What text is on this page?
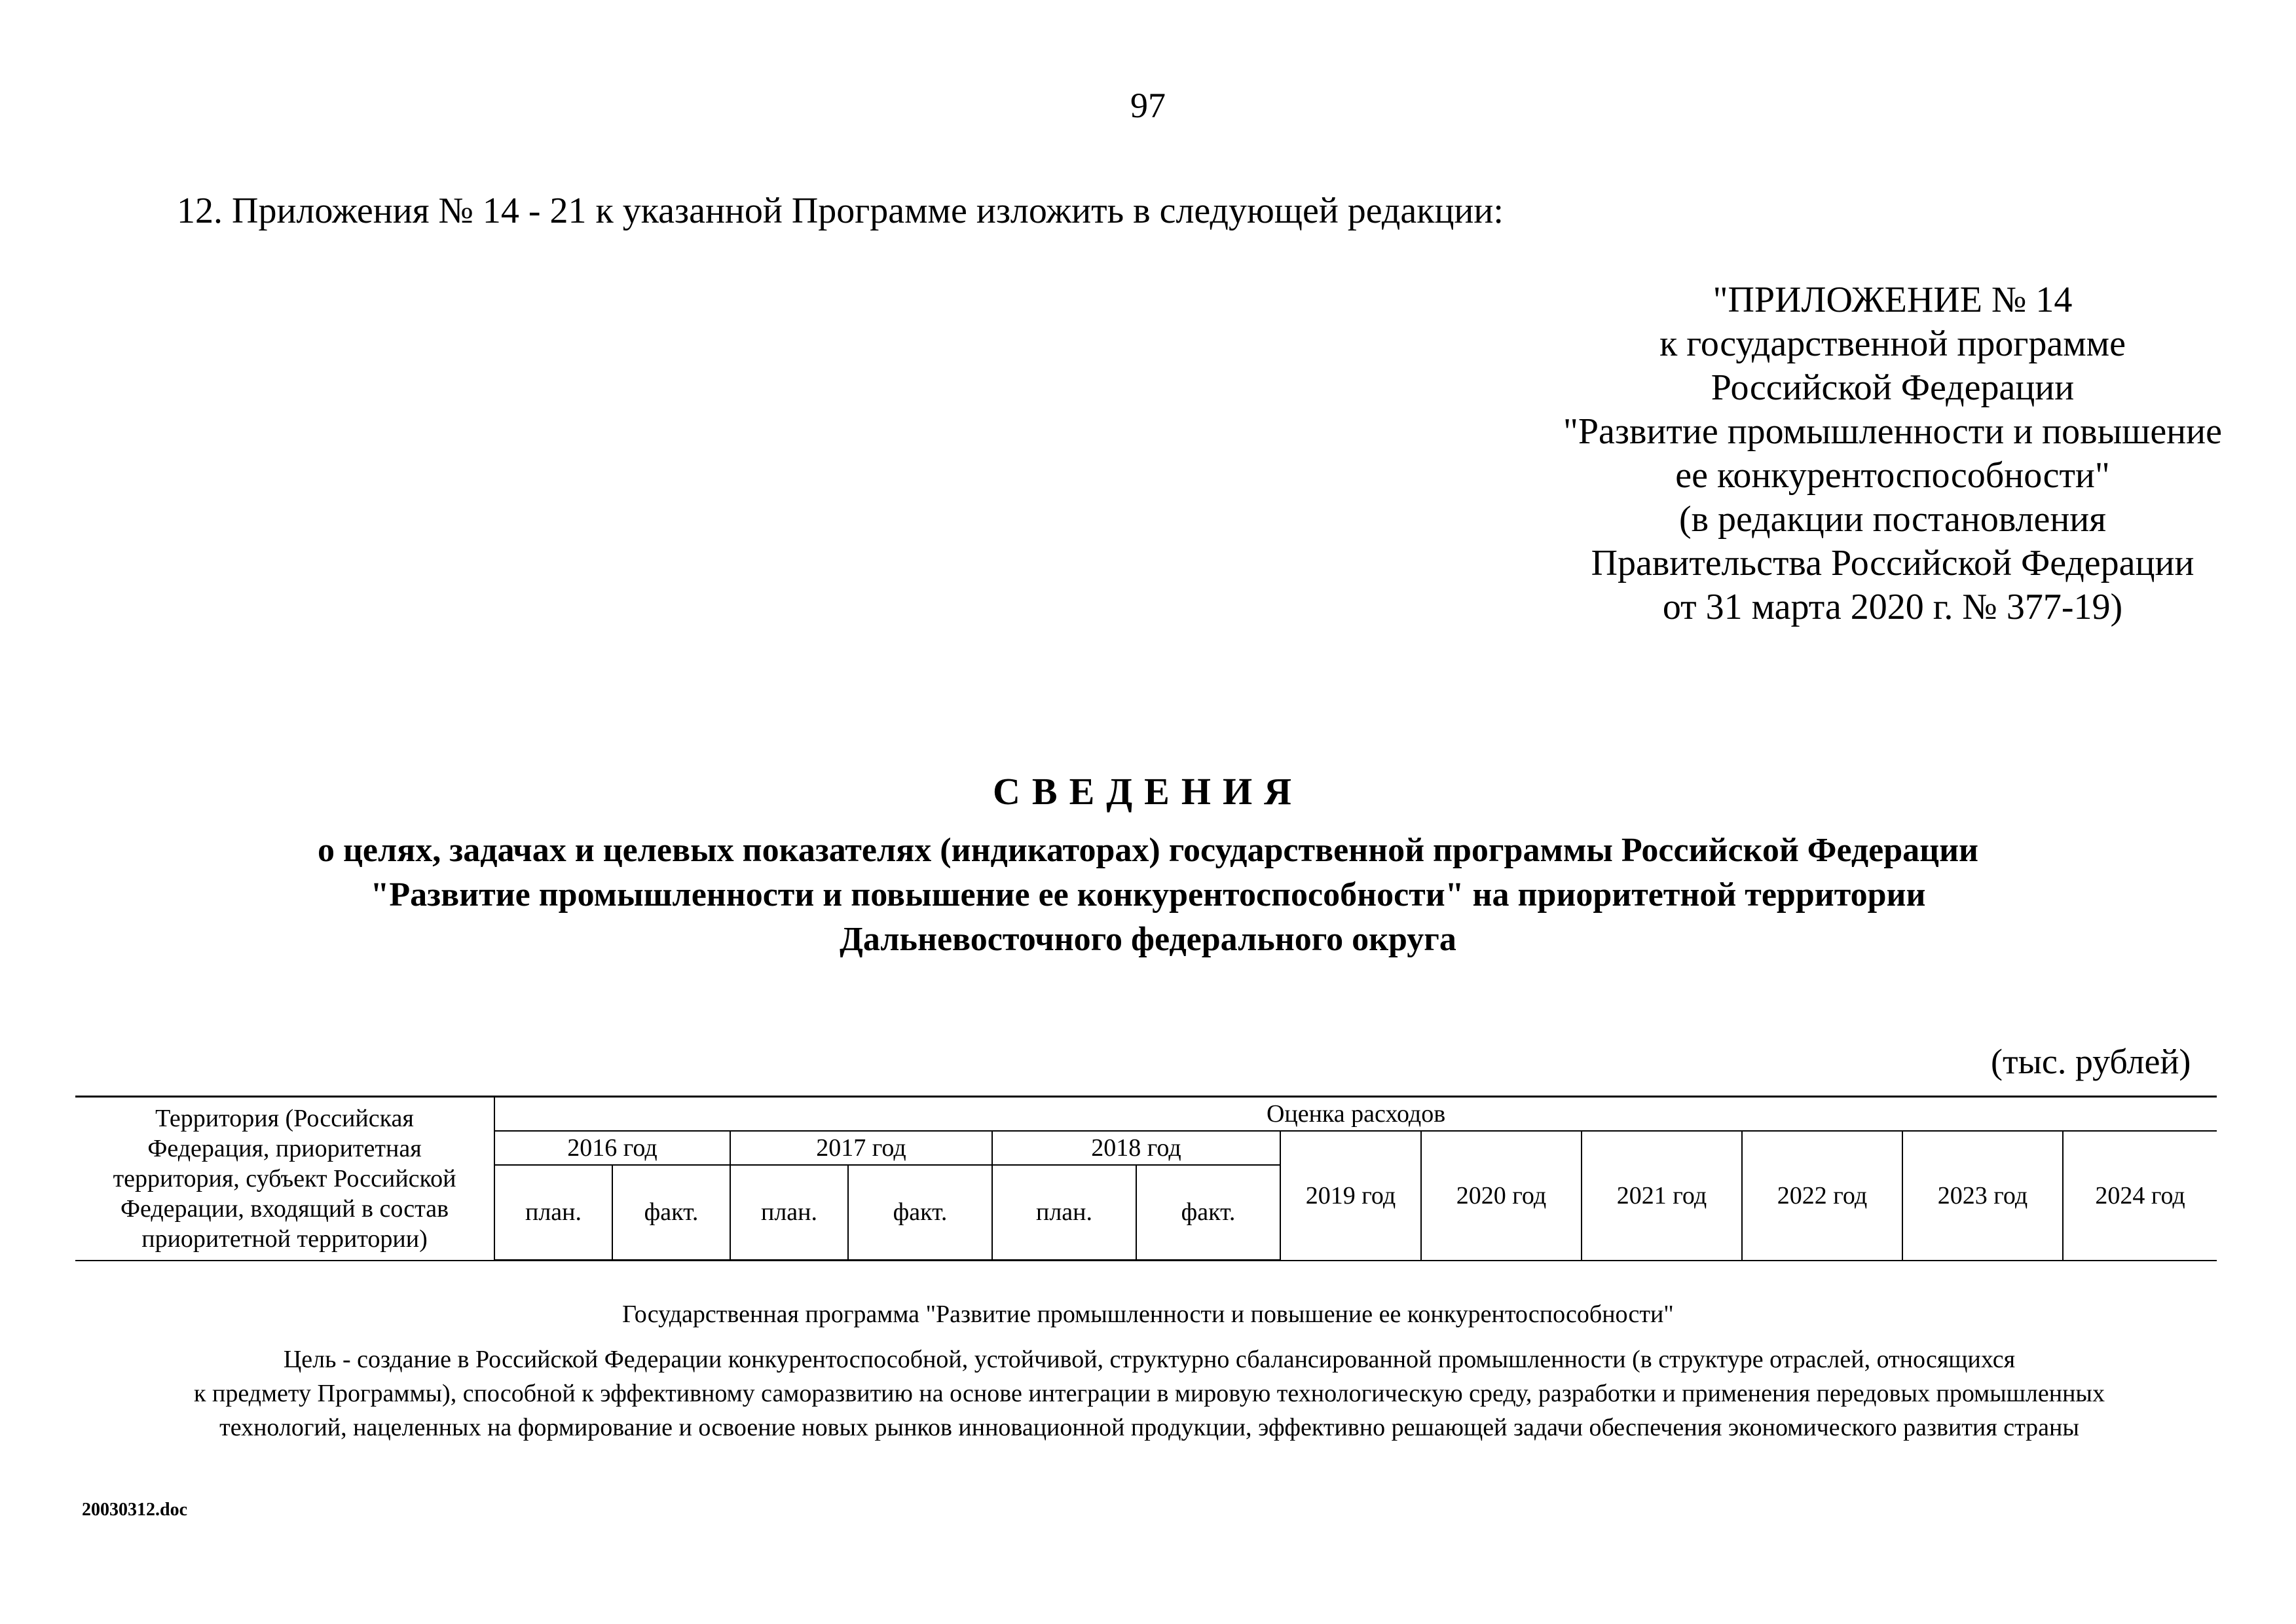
97
12. Приложения № 14 - 21 к указанной Программе изложить в следующей редакции:
"ПРИЛОЖЕНИЕ № 14
к государственной программе
Российской Федерации
"Развитие промышленности и повышение
ее конкурентоспособности"
(в редакции постановления
Правительства Российской Федерации
от 31 марта 2020 г. № 377-19)
СВЕДЕНИЯ
о целях, задачах и целевых показателях (индикаторах) государственной программы Российской Федерации
"Развитие промышленности и повышение ее конкурентоспособности" на приоритетной территории
Дальневосточного федерального округа
(тыс. рублей)
Территория (Российская
Федерация, приоритетная
территория, субъект Российской
Федерации, входящий в состав
приоритетной территории)	Оценка расходов											
	2016 год		2017 год		2018 год		2019 год	2020 год	2021 год	2022 год	2023 год	2024 год
	план.	факт.	план.	факт.	план.	факт.						
Государственная программа "Развитие промышленности и повышение ее конкурентоспособности"
Цель - создание в Российской Федерации конкурентоспособной, устойчивой, структурно сбалансированной промышленности (в структуре отраслей, относящихся
к предмету Программы), способной к эффективному саморазвитию на основе интеграции в мировую технологическую среду, разработки и применения передовых промышленных
технологий, нацеленных на формирование и освоение новых рынков инновационной продукции, эффективно решающей задачи обеспечения экономического развития страны
20030312.doc
